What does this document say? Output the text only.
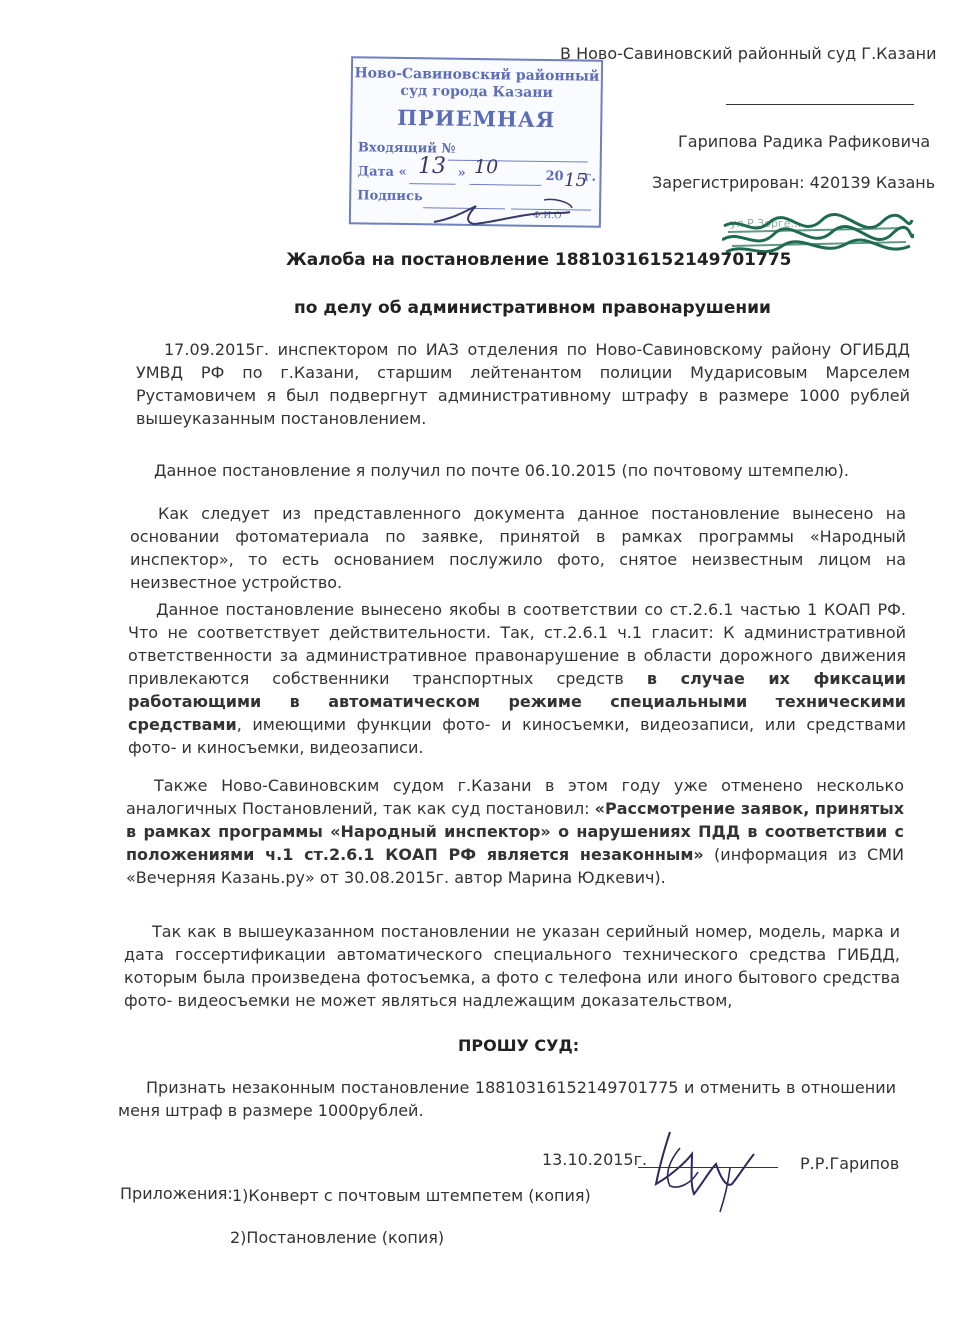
В Ново-Савиновский районный суд Г.Казани
Гарипова Радика Рафиковича
Зарегистрирован: 420139 Казань
ул.Р.Зорге...
Ново-Савиновский районный
суд города Казани
ПРИЕМНАЯ
Входящий №
Дата «	»	20 г.
Подпись
Ф.И.О
13 10
15
Жалоба на постановление 18810316152149701775
по делу об административном правонарушении
17.09.2015г. инспектором по ИАЗ отделения по Ново-Савиновскому району ОГИБДД УМВД РФ по г.Казани, старшим лейтенантом полиции Мударисовым Марселем Рустамовичем я был подвергнут административному штрафу в размере 1000 рублей вышеуказанным постановлением.
Данное постановление я получил по почте 06.10.2015 (по почтовому штемпелю).
Как следует из представленного документа данное постановление вынесено на основании фотоматериала по заявке, принятой в рамках программы «Народный инспектор», то есть основанием послужило фото, снятое неизвестным лицом на неизвестное устройство.
Данное постановление вынесено якобы в соответствии со ст.2.6.1 частью 1 КОАП РФ. Что не соответствует действительности. Так, ст.2.6.1 ч.1 гласит: К административной ответственности за административное правонарушение в области дорожного движения привлекаются собственники транспортных средств в случае их фиксации работающими в автоматическом режиме специальными техническими средствами, имеющими функции фото- и киносъемки, видеозаписи, или средствами фото- и киносъемки, видеозаписи.
Также Ново-Савиновским судом г.Казани в этом году уже отменено несколько аналогичных Постановлений, так как суд постановил: «Рассмотрение заявок, принятых в рамках программы «Народный инспектор» о нарушениях ПДД в соответствии с положениями ч.1 ст.2.6.1 КОАП РФ является незаконным» (информация из СМИ «Вечерняя Казань.ру» от 30.08.2015г. автор Марина Юдкевич).
Так как в вышеуказанном постановлении не указан серийный номер, модель, марка и дата госсертификации автоматического специального технического средства ГИБДД, которым была произведена фотосъемка, а фото с телефона или иного бытового средства фото- видеосъемки не может являться надлежащим доказательством,
ПРОШУ СУД:
Признать незаконным постановление 18810316152149701775 и отменить в отношении меня штраф в размере 1000рублей.
13.10.2015г.	Р.Р.Гарипов
Приложения: 1)Конверт с почтовым штемпетем (копия)
2)Постановление (копия)
